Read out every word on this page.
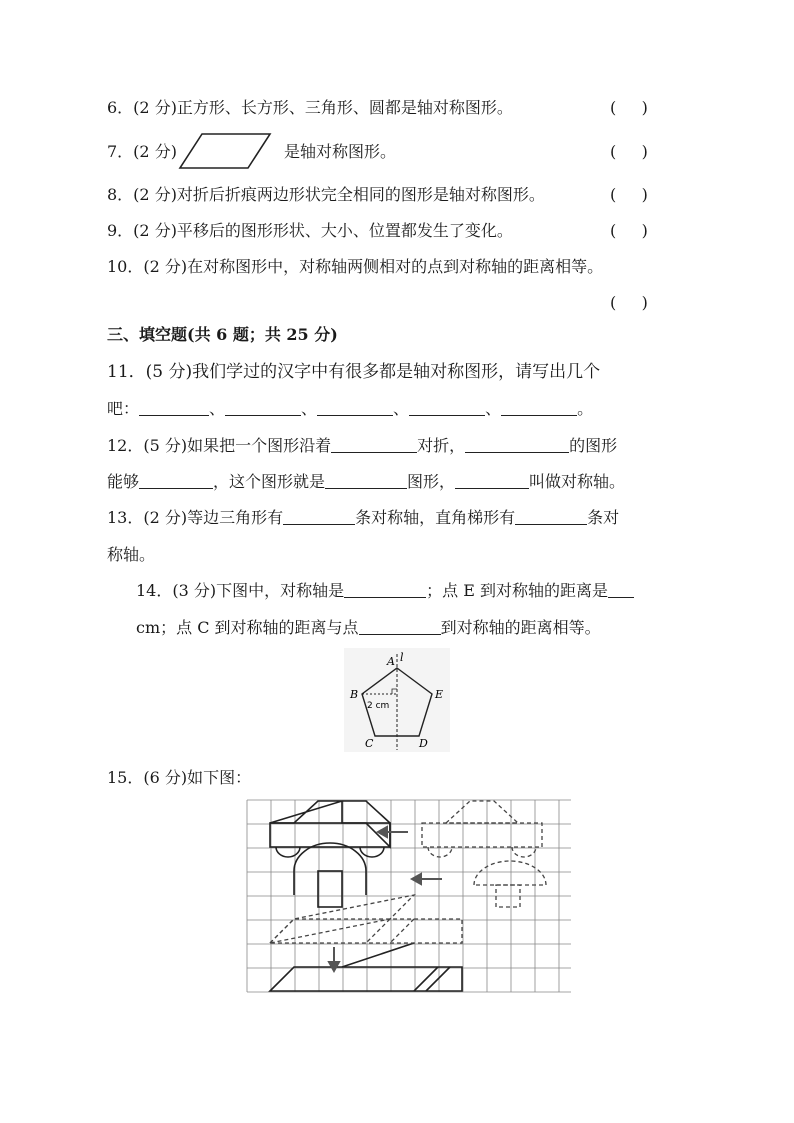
6．(2 分)正方形、长方形、三角形、圆都是轴对称图形。	(     )
7．(2 分)	是轴对称图形。	(     )
8．(2 分)对折后折痕两边形状完全相同的图形是轴对称图形。	(     )
9．(2 分)平移后的图形形状、大小、位置都发生了变化。	(     )
10．(2 分)在对称图形中，对称轴两侧相对的点到对称轴的距离相等。
(     )
三、填空题(共 6 题；共 25 分)
11．(5 分)我们学过的汉字中有很多都是轴对称图形，请写出几个
吧：	、	、	、	、	。
12．(5 分)如果把一个图形沿着	对折，	的图形
能够	，这个图形就是	图形，	叫做对称轴。
13．(2 分)等边三角形有	条对称轴，直角梯形有	条对
称轴。
14．(3 分)下图中，对称轴是	；点 E 到对称轴的距离是
cm；点 C 到对称轴的距离与点	到对称轴的距离相等。
A l
B	E
C	D
2 cm
15．(6 分)如下图：
